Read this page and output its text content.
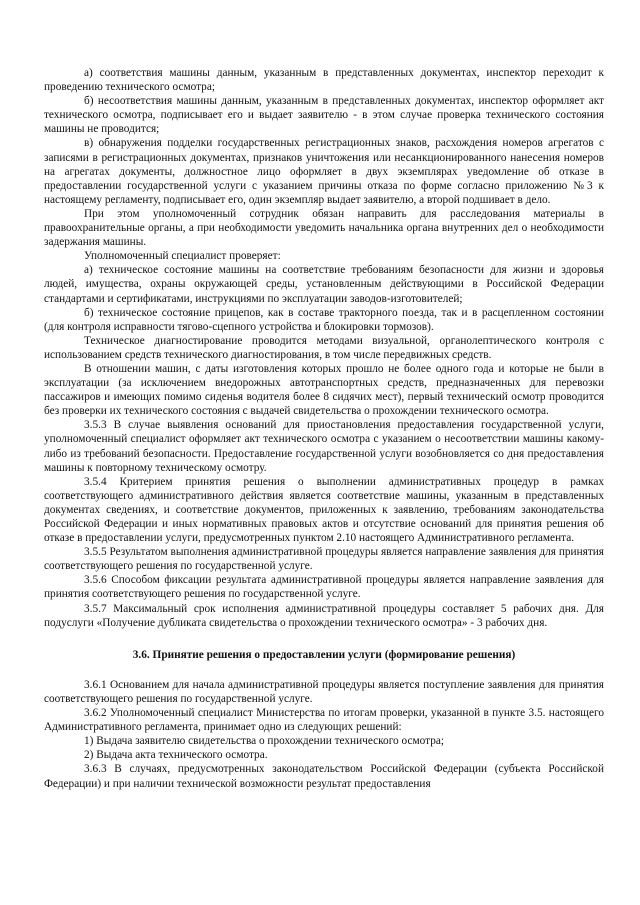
а) соответствия машины данным, указанным в представленных документах, инспектор переходит к проведению технического осмотра;

б) несоответствия машины данным, указанным в представленных документах, инспектор оформляет акт технического осмотра, подписывает его и выдает заявителю - в этом случае проверка технического состояния машины не проводится;

в) обнаружения подделки государственных регистрационных знаков, расхождения номеров агрегатов с записями в регистрационных документах, признаков уничтожения или несанкционированного нанесения номеров на агрегатах документы, должностное лицо оформляет в двух экземплярах уведомление об отказе в предоставлении государственной услуги с указанием причины отказа по форме согласно приложению №3 к настоящему регламенту, подписывает его, один экземпляр выдает заявителю, а второй подшивает в дело.

При этом уполномоченный сотрудник обязан направить для расследования материалы в правоохранительные органы, а при необходимости уведомить начальника органа внутренних дел о необходимости задержания машины.

Уполномоченный специалист проверяет:

а) техническое состояние машины на соответствие требованиям безопасности для жизни и здоровья людей, имущества, охраны окружающей среды, установленным действующими в Российской Федерации стандартами и сертификатами, инструкциями по эксплуатации заводов-изготовителей;

б) техническое состояние прицепов, как в составе тракторного поезда, так и в расцепленном состоянии (для контроля исправности тягово-сцепного устройства и блокировки тормозов).

Техническое диагностирование проводится методами визуальной, органолептического контроля с использованием средств технического диагностирования, в том числе передвижных средств.

В отношении машин, с даты изготовления которых прошло не более одного года и которые не были в эксплуатации (за исключением внедорожных автотранспортных средств, предназначенных для перевозки пассажиров и имеющих помимо сиденья водителя более 8 сидячих мест), первый технический осмотр проводится без проверки их технического состояния с выдачей свидетельства о прохождении технического осмотра.

3.5.3 В случае выявления оснований для приостановления предоставления государственной услуги, уполномоченный специалист оформляет акт технического осмотра с указанием о несоответствии машины какому-либо из требований безопасности. Предоставление государственной услуги возобновляется со дня предоставления машины к повторному техническому осмотру.

3.5.4 Критерием принятия решения о выполнении административных процедур в рамках соответствующего административного действия является соответствие машины, указанным в представленных документах сведениях, и соответствие документов, приложенных к заявлению, требованиям законодательства Российской Федерации и иных нормативных правовых актов и отсутствие оснований для принятия решения об отказе в предоставлении услуги, предусмотренных пунктом 2.10 настоящего Административного регламента.

3.5.5 Результатом выполнения административной процедуры является направление заявления для принятия соответствующего решения по государственной услуге.

3.5.6 Способом фиксации результата административной процедуры является направление заявления для принятия соответствующего решения по государственной услуге.

3.5.7 Максимальный срок исполнения административной процедуры составляет 5 рабочих дня. Для подуслуги «Получение дубликата свидетельства о прохождении технического осмотра» - 3 рабочих дня.

3.6. Принятие решения о предоставлении услуги (формирование решения)

3.6.1 Основанием для начала административной процедуры является поступление заявления для принятия соответствующего решения по государственной услуге.

3.6.2 Уполномоченный специалист Министерства по итогам проверки, указанной в пункте 3.5. настоящего Административного регламента, принимает одно из следующих решений:

1) Выдача заявителю свидетельства о прохождении технического осмотра;

2) Выдача акта технического осмотра.

3.6.3 В случаях, предусмотренных законодательством Российской Федерации (субъекта Российской Федерации) и при наличии технической возможности результат предоставления
